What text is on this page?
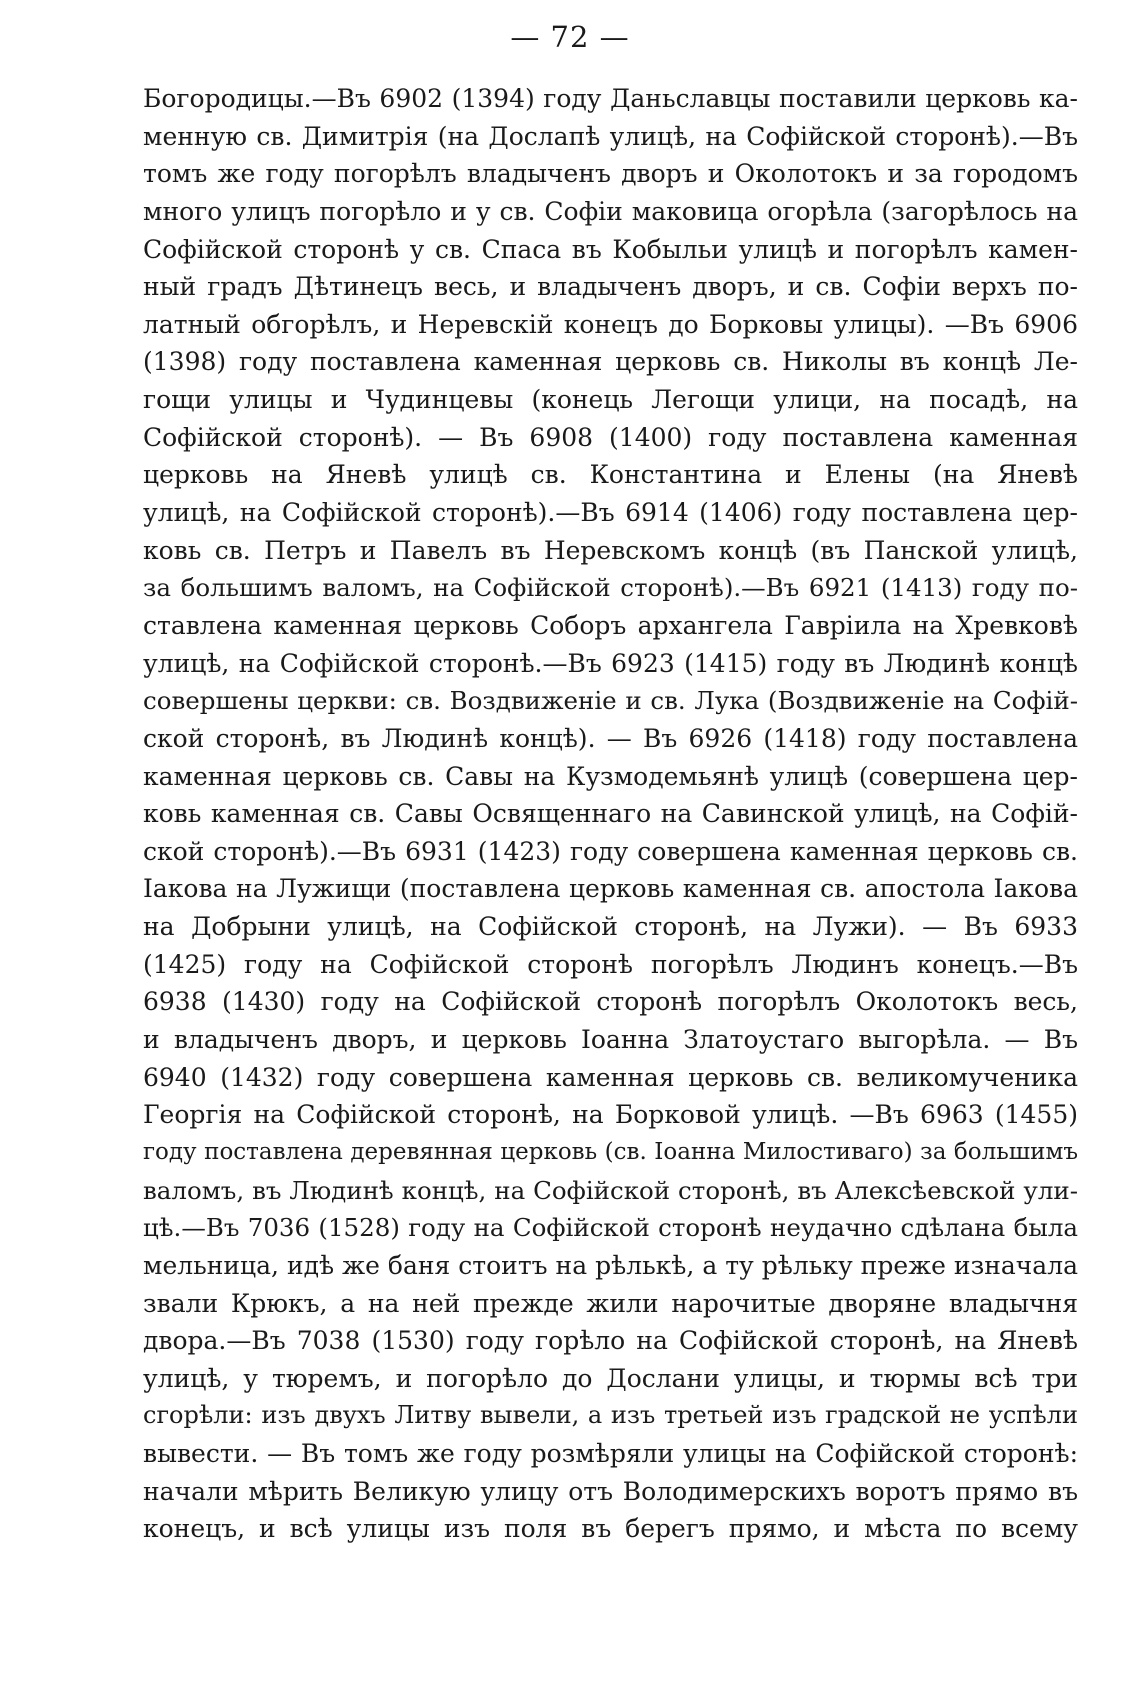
— 72 —
Богородицы.—Въ 6902 (1394) году Даньславцы поставили церковь ка-
менную св. Димитрія (на Дослапѣ улицѣ, на Софійской сторонѣ).—Въ
томъ же году погорѣлъ владыченъ дворъ и Околотокъ и за городомъ
много улицъ погорѣло и у св. Софіи маковица огорѣла (загорѣлось на
Софійской сторонѣ у св. Спаса въ Кобыльи улицѣ и погорѣлъ камен-
ный градъ Дѣтинецъ весь, и владыченъ дворъ, и св. Софіи верхъ по-
латный обгорѣлъ, и Неревскій конецъ до Борковы улицы). —Въ 6906
(1398) году поставлена каменная церковь св. Николы въ концѣ Ле-
гощи улицы и Чудинцевы (конець Легощи улици, на посадѣ, на
Софійской сторонѣ). — Въ 6908 (1400) году поставлена каменная
церковь на Яневѣ улицѣ св. Константина и Елены (на Яневѣ
улицѣ, на Софійской сторонѣ).—Въ 6914 (1406) году поставлена цер-
ковь св. Петръ и Павелъ въ Неревскомъ концѣ (въ Панской улицѣ,
за большимъ валомъ, на Софійской сторонѣ).—Въ 6921 (1413) году по-
ставлена каменная церковь Соборъ архангела Гавріила на Хревковѣ
улицѣ, на Софійской сторонѣ.—Въ 6923 (1415) году въ Людинѣ концѣ
совершены церкви: св. Воздвиженіе и св. Лука (Воздвиженіе на Софій-
ской сторонѣ, въ Людинѣ концѣ). — Въ 6926 (1418) году поставлена
каменная церковь св. Савы на Кузмодемьянѣ улицѣ (совершена цер-
ковь каменная св. Савы Освященнаго на Савинской улицѣ, на Софій-
ской сторонѣ).—Въ 6931 (1423) году совершена каменная церковь св.
Іакова на Лужищи (поставлена церковь каменная св. апостола Іакова
на Добрыни улицѣ, на Софійской сторонѣ, на Лужи). — Въ 6933
(1425) году на Софійской сторонѣ погорѣлъ Людинъ конецъ.—Въ
6938 (1430) году на Софійской сторонѣ погорѣлъ Околотокъ весь,
и владыченъ дворъ, и церковь Іоанна Златоустаго выгорѣла. — Въ
6940 (1432) году совершена каменная церковь св. великомученика
Георгія на Софійской сторонѣ, на Борковой улицѣ. —Въ 6963 (1455)
году поставлена деревянная церковь (св. Іоанна Милостиваго) за большимъ
валомъ, въ Людинѣ концѣ, на Софійской сторонѣ, въ Алексѣевской ули-
цѣ.—Въ 7036 (1528) году на Софійской сторонѣ неудачно сдѣлана была
мельница, идѣ же баня стоитъ на рѣлькѣ, а ту рѣльку преже изначала
звали Крюкъ, а на ней прежде жили нарочитые дворяне владычня
двора.—Въ 7038 (1530) году горѣло на Софійской сторонѣ, на Яневѣ
улицѣ, у тюремъ, и погорѣло до Дослани улицы, и тюрмы всѣ три
сгорѣли: изъ двухъ Литву вывели, а изъ третьей изъ градской не успѣли
вывести. — Въ томъ же году розмѣряли улицы на Софійской сторонѣ:
начали мѣрить Великую улицу отъ Володимерскихъ воротъ прямо въ
конецъ, и всѣ улицы изъ поля въ берегъ прямо, и мѣста по всему
